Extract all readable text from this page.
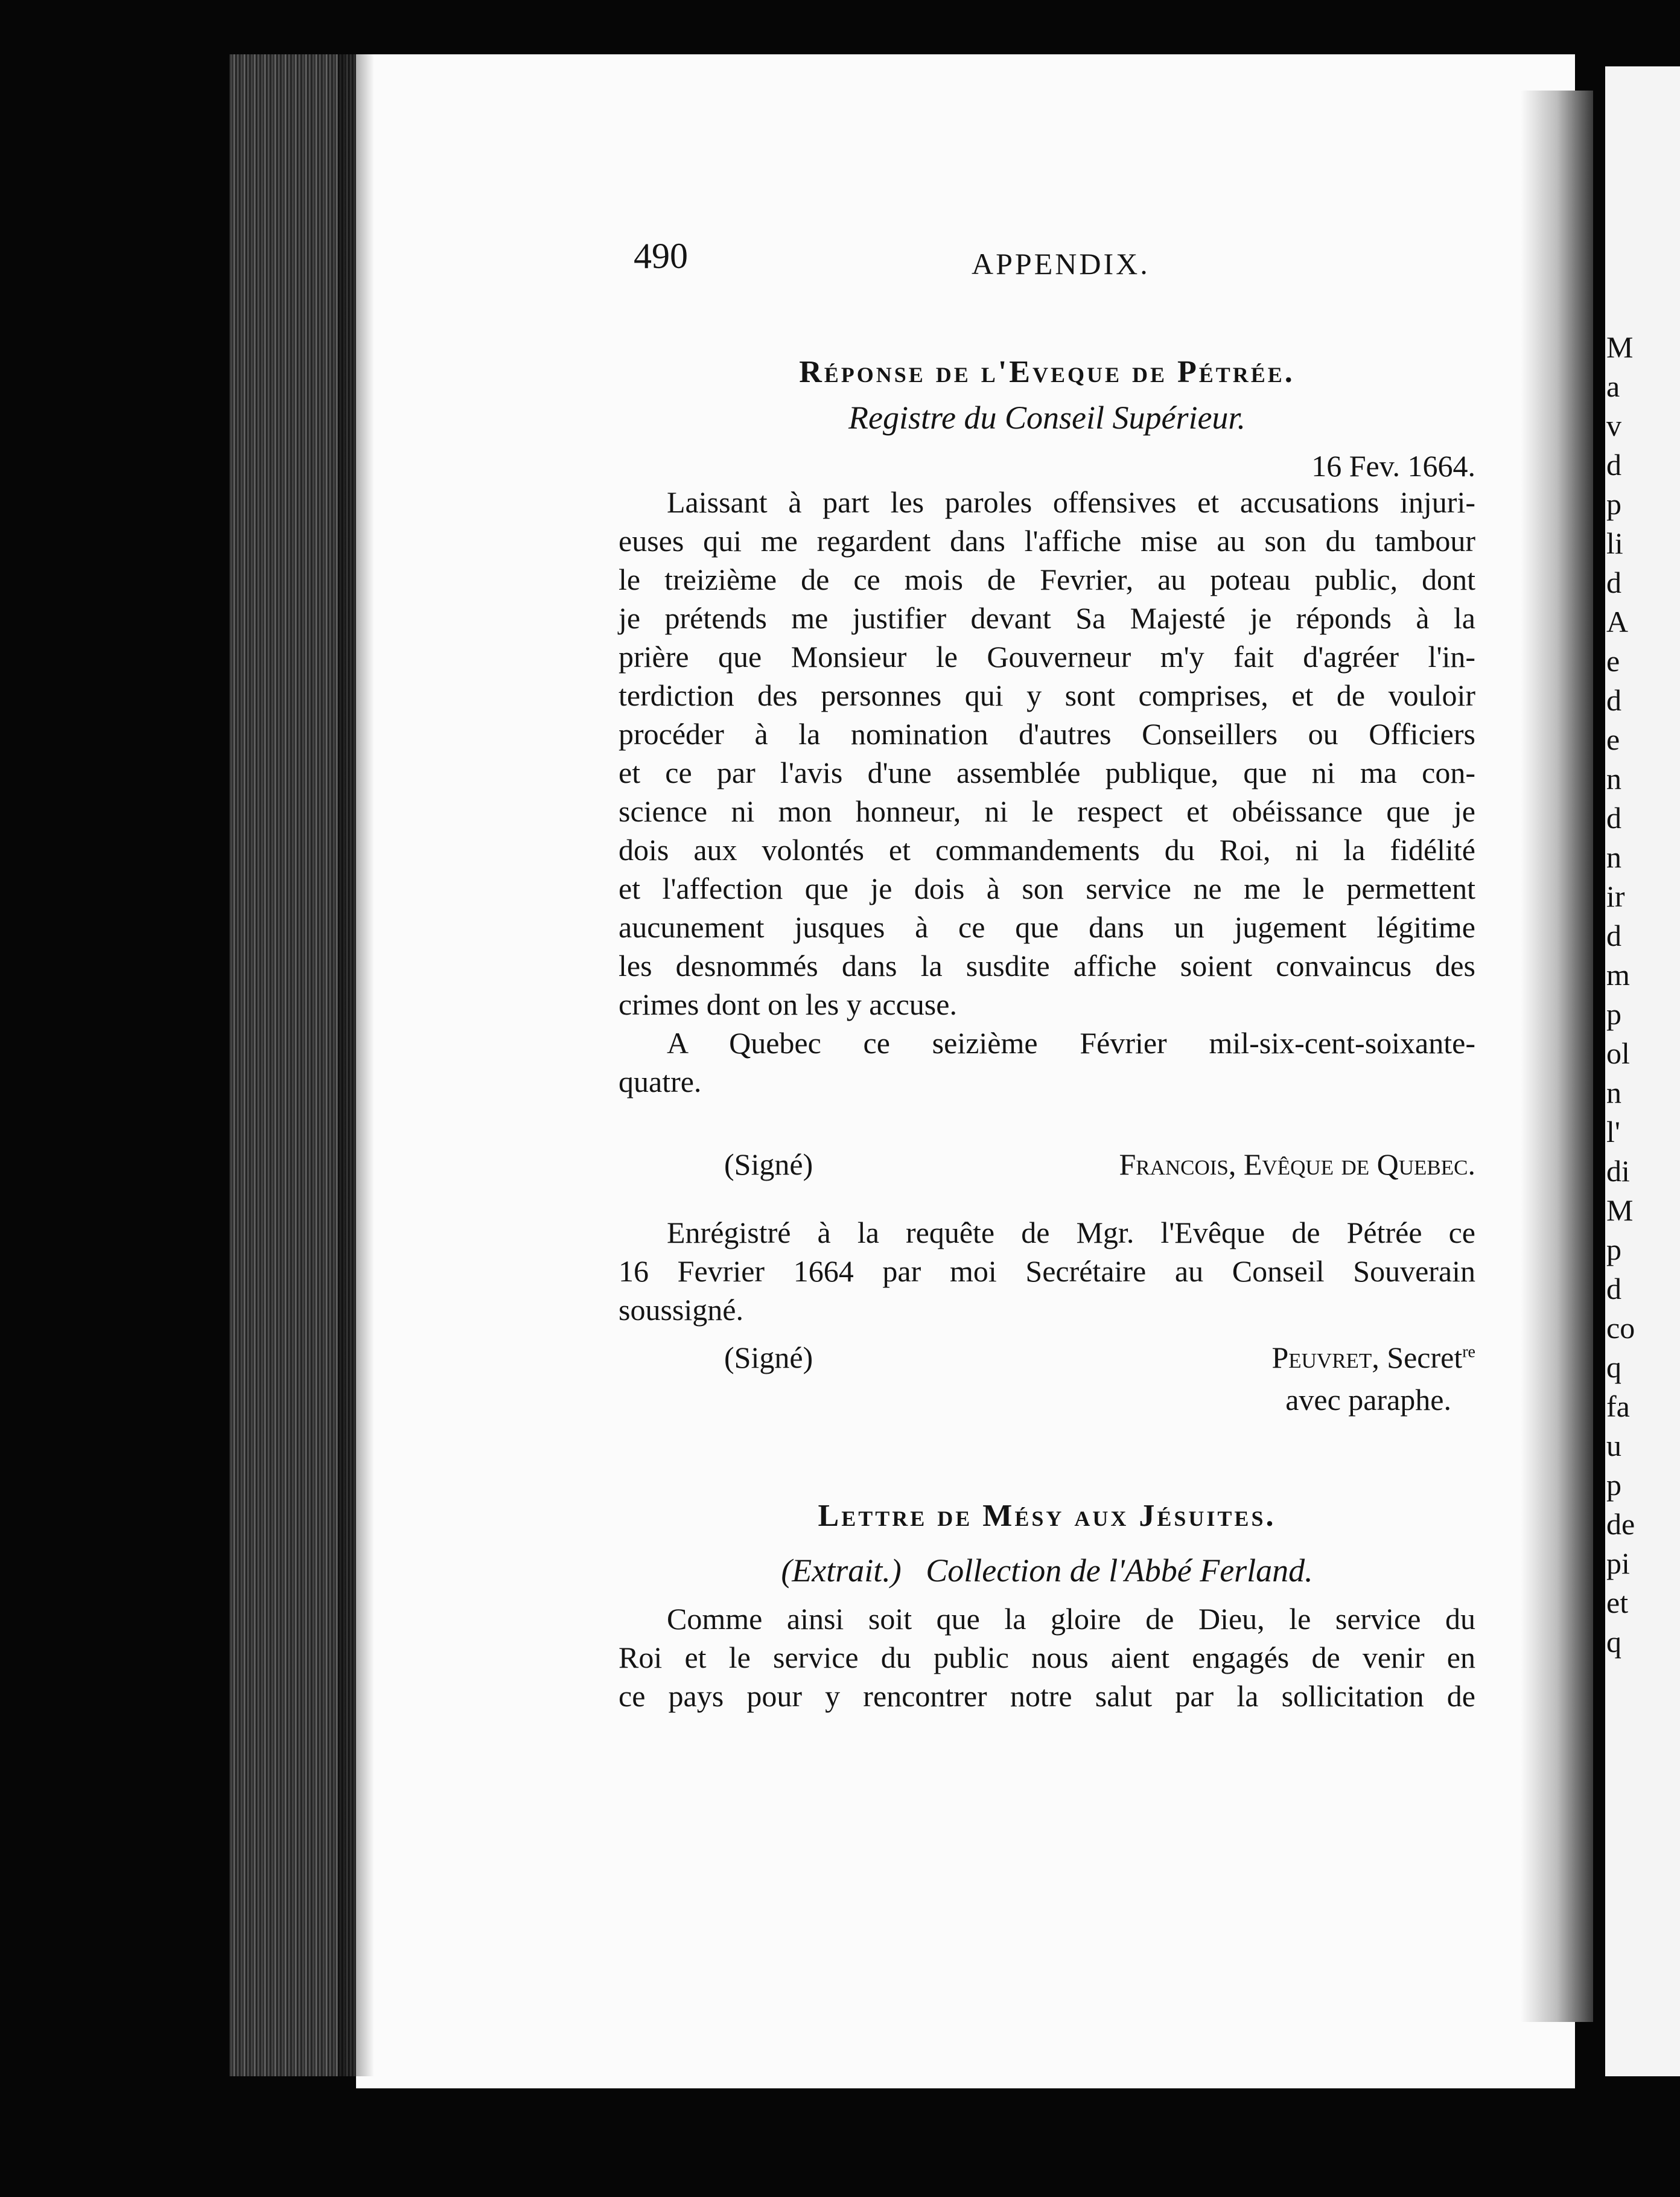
M
a
v
d
p
li
d
A
e
d
e
n
d
n
ir
d
m
p
ol
n
l'
di
M
p
d
co
q
fa
u
p
de
pi
et
q
490	APPENDIX.
Réponse de l'Eveque de Pétrée.
Registre du Conseil Supérieur.
16 Fev. 1664.
Laissant à part les paroles offensives et accusations injuri-
euses qui me regardent dans l'affiche mise au son du tambour
le treizième de ce mois de Fevrier, au poteau public, dont
je prétends me justifier devant Sa Majesté je réponds à la
prière que Monsieur le Gouverneur m'y fait d'agréer l'in-
terdiction des personnes qui y sont comprises, et de vouloir
procéder à la nomination d'autres Conseillers ou Officiers
et ce par l'avis d'une assemblée publique, que ni ma con-
science ni mon honneur, ni le respect et obéissance que je
dois aux volontés et commandements du Roi, ni la fidélité
et l'affection que je dois à son service ne me le permettent
aucunement jusques à ce que dans un jugement légitime
les desnommés dans la susdite affiche soient convaincus des
crimes dont on les y accuse.
A Quebec ce seizième Février mil-six-cent-soixante-
quatre.
(Signé)	Francois, Evêque de Quebec.
Enrégistré à la requête de Mgr. l'Evêque de Pétrée ce
16 Fevrier 1664 par moi Secrétaire au Conseil Souverain
soussigné.
(Signé)	Peuvret, Secret$^{re}$
avec paraphe.
Lettre de Mésy aux Jésuites.
(Extrait.) Collection de l'Abbé Ferland.
Comme ainsi soit que la gloire de Dieu, le service du
Roi et le service du public nous aient engagés de venir en
ce pays pour y rencontrer notre salut par la sollicitation de
